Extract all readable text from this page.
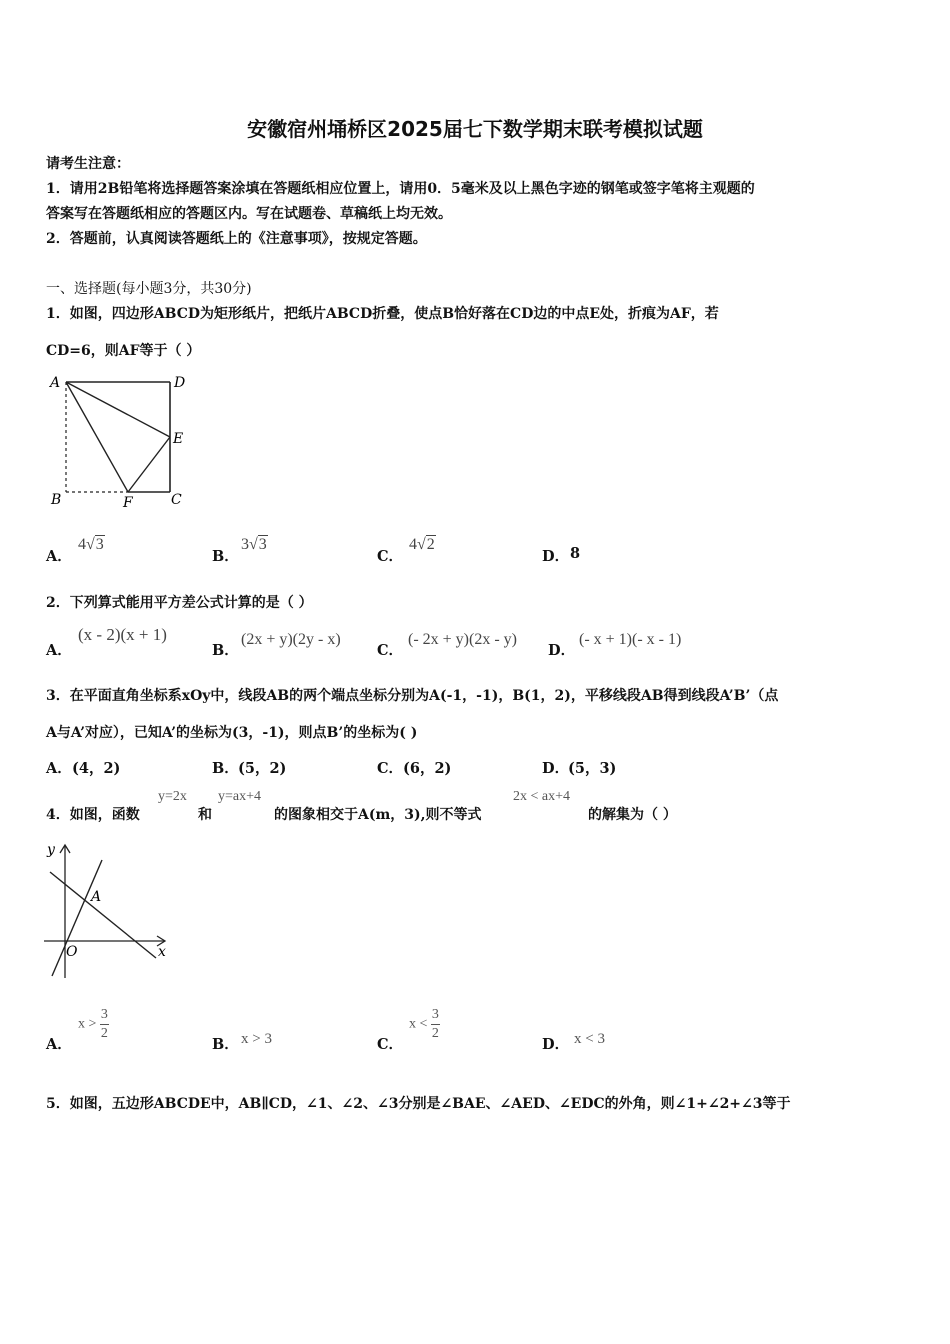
安徽宿州埇桥区2025届七下数学期末联考模拟试题
请考生注意：
1．请用2B铅笔将选择题答案涂填在答题纸相应位置上，请用0．5毫米及以上黑色字迹的钢笔或签字笔将主观题的
答案写在答题纸相应的答题区内。写在试题卷、草稿纸上均无效。
2．答题前，认真阅读答题纸上的《注意事项》，按规定答题。
一、选择题(每小题3分，共30分)
1．如图，四边形ABCD为矩形纸片，把纸片ABCD折叠，使点B恰好落在CD边的中点E处，折痕为AF，若
CD=6，则AF等于（ ）
A	D
E
B	F	C
A．
4√3
B．
3√3
C．
4√2
D． 8
2．下列算式能用平方差公式计算的是（ ）
A．
(x - 2)(x + 1)
B．
(2x + y)(2y - x)
C．
(- 2x + y)(2x - y)
D．
(- x + 1)(- x - 1)
3．在平面直角坐标系xOy中，线段AB的两个端点坐标分别为A(-1，-1)，B(1，2)，平移线段AB得到线段A’B’（点
A与A’对应），已知A’的坐标为(3，-1)，则点B’的坐标为( )
A． (4，2)	B． (5，2)	C． (6，2)	D．
(5，3)
4．如图，函数
y=2x
和
y=ax+4
的图象相交于A(m，3),则不等式
2x < ax+4
的解集为（ ）
y
x
A
O
A．
$x > \frac{3}{2}$
B． x > 3	C．
$x < \frac{3}{2}$
D． x < 3
5．如图，五边形ABCDE中，AB∥CD，∠1、∠2、∠3分别是∠BAE、∠AED、∠EDC的外角，则∠1+∠2+∠3等于
